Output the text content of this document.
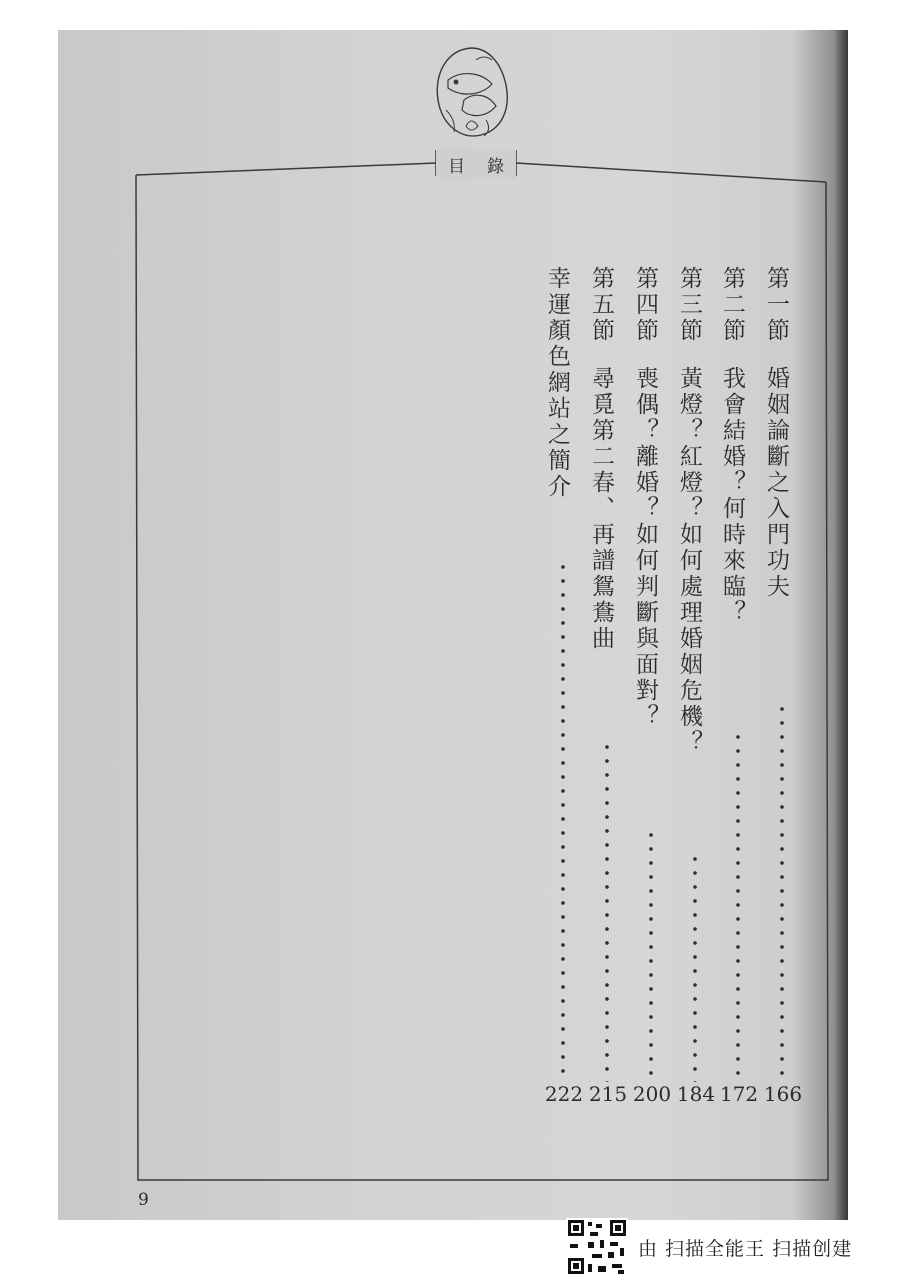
目 錄
第一節婚姻論斷之入門功夫
166
第二節我會結婚？何時來臨？
172
第三節黃燈？紅燈？如何處理婚姻危機？
184
第四節喪偶？離婚？如何判斷與面對？
200
第五節尋覓第二春、再譜鴛鴦曲
215
幸運顏色網站之簡介
222
9
由 扫描全能王 扫描创建
